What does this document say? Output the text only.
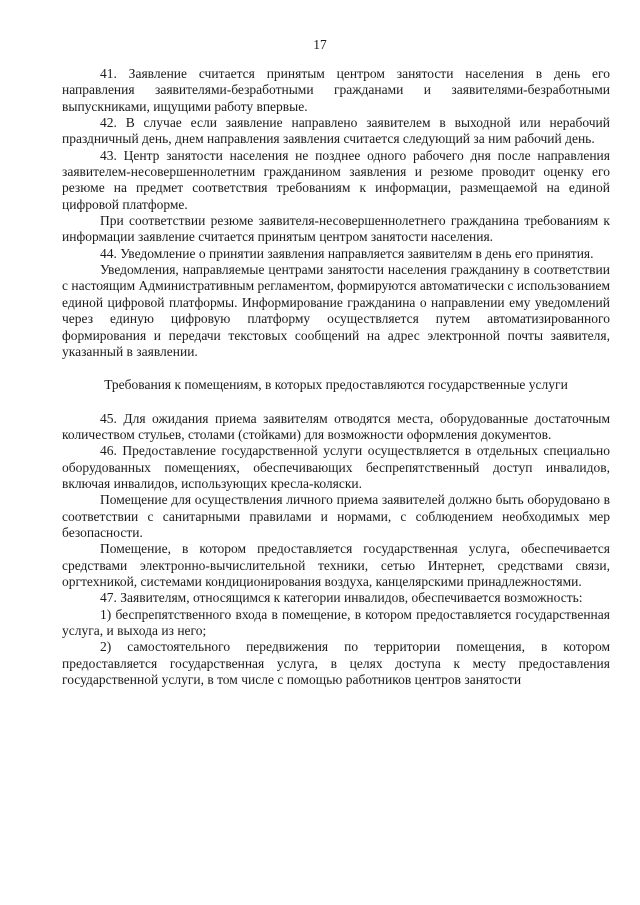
17

41. Заявление считается принятым центром занятости населения в день его направления заявителями-безработными гражданами и заявителями-безработными выпускниками, ищущими работу впервые.

42. В случае если заявление направлено заявителем в выходной или нерабочий праздничный день, днем направления заявления считается следующий за ним рабочий день.

43. Центр занятости населения не позднее одного рабочего дня после направления заявителем-несовершеннолетним гражданином заявления и резюме проводит оценку его резюме на предмет соответствия требованиям к информации, размещаемой на единой цифровой платформе.

При соответствии резюме заявителя-несовершеннолетнего гражданина требованиям к информации заявление считается принятым центром занятости населения.

44. Уведомление о принятии заявления направляется заявителям в день его принятия.

Уведомления, направляемые центрами занятости населения гражданину в соответствии с настоящим Административным регламентом, формируются автоматически с использованием единой цифровой платформы. Информирование гражданина о направлении ему уведомлений через единую цифровую платформу осуществляется путем автоматизированного формирования и передачи текстовых сообщений на адрес электронной почты заявителя, указанный в заявлении.

Требования к помещениям, в которых предоставляются государственные услуги

45. Для ожидания приема заявителям отводятся места, оборудованные достаточным количеством стульев, столами (стойками) для возможности оформления документов.

46. Предоставление государственной услуги осуществляется в отдельных специально оборудованных помещениях, обеспечивающих беспрепятственный доступ инвалидов, включая инвалидов, использующих кресла-коляски.

Помещение для осуществления личного приема заявителей должно быть оборудовано в соответствии с санитарными правилами и нормами, с соблюдением необходимых мер безопасности.

Помещение, в котором предоставляется государственная услуга, обеспечивается средствами электронно-вычислительной техники, сетью Интернет, средствами связи, оргтехникой, системами кондиционирования воздуха, канцелярскими принадлежностями.

47. Заявителям, относящимся к категории инвалидов, обеспечивается возможность:

1) беспрепятственного входа в помещение, в котором предоставляется государственная услуга, и выхода из него;

2) самостоятельного передвижения по территории помещения, в котором предоставляется государственная услуга, в целях доступа к месту предоставления государственной услуги, в том числе с помощью работников центров занятости
